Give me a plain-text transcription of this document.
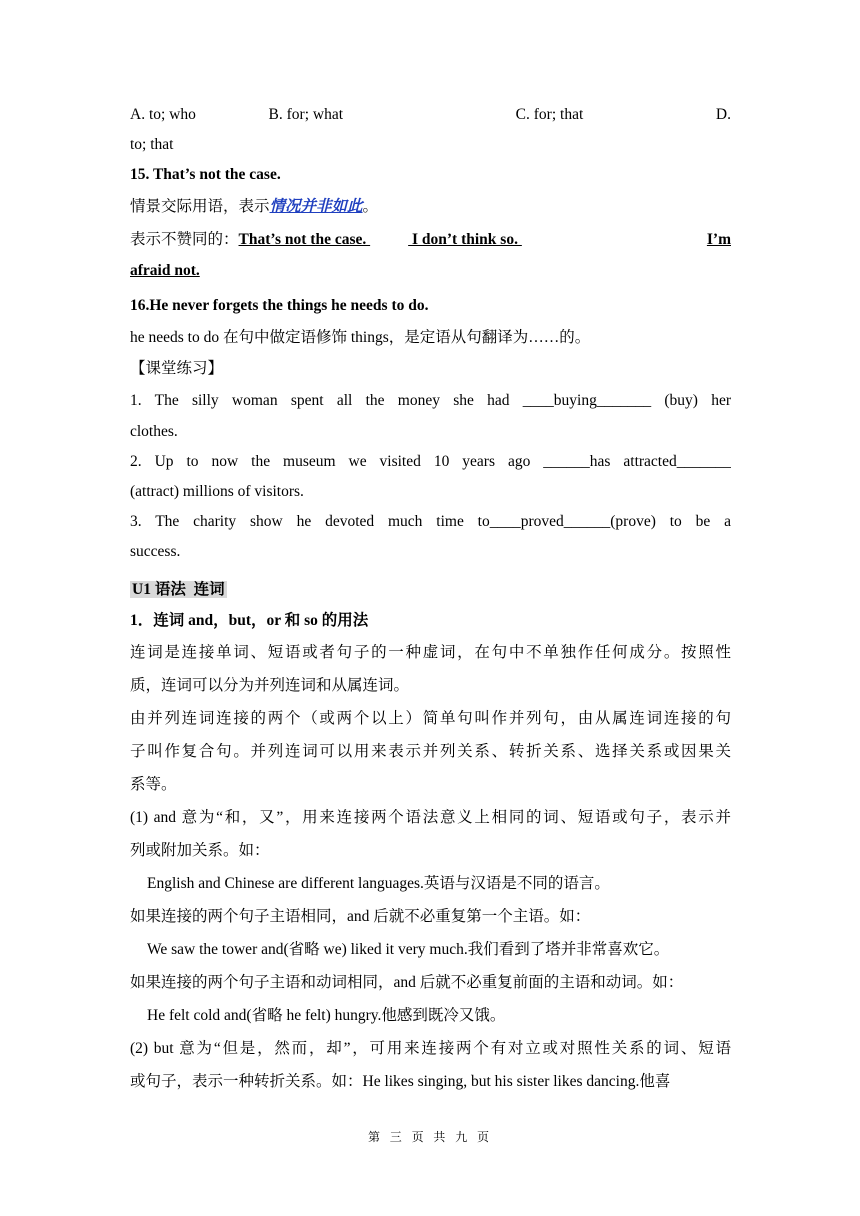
A. to; who	B. for; what	C. for; that	D.
to; that
15. That’s not the case.
情景交际用语，表示情况并非如此。
表示不赞同的： That’s not the case. I don’t think so.	I’m
afraid not.
16.He never forgets the things he needs to do.
he needs to do 在句中做定语修饰 things，是定语从句翻译为……的。
【课堂练习】
1. The silly woman spent all the money she had ____buying_______ (buy) her
clothes.
2. Up to now the museum we visited 10 years ago ______has attracted_______
(attract) millions of visitors.
3. The charity show he devoted much time to____proved______(prove) to be a
success.
U1 语法  连词
1．连词 and，but，or 和 so 的用法
连词是连接单词、短语或者句子的一种虚词，在句中不单独作任何成分。按照性
质，连词可以分为并列连词和从属连词。
由并列连词连接的两个（或两个以上）简单句叫作并列句，由从属连词连接的句
子叫作复合句。并列连词可以用来表示并列关系、转折关系、选择关系或因果关
系等。
(1) and 意为“和，又”，用来连接两个语法意义上相同的词、短语或句子，表示并
列或附加关系。如：
English and Chinese are different languages.英语与汉语是不同的语言。
如果连接的两个句子主语相同，and 后就不必重复第一个主语。如：
We saw the tower and(省略 we) liked it very much.我们看到了塔并非常喜欢它。
如果连接的两个句子主语和动词相同，and 后就不必重复前面的主语和动词。如：
He felt cold and(省略 he felt) hungry.他感到既冷又饿。
(2) but 意为“但是，然而，却”，可用来连接两个有对立或对照性关系的词、短语
或句子，表示一种转折关系。如：He likes singing, but his sister likes dancing.他喜
第 三 页 共 九 页
